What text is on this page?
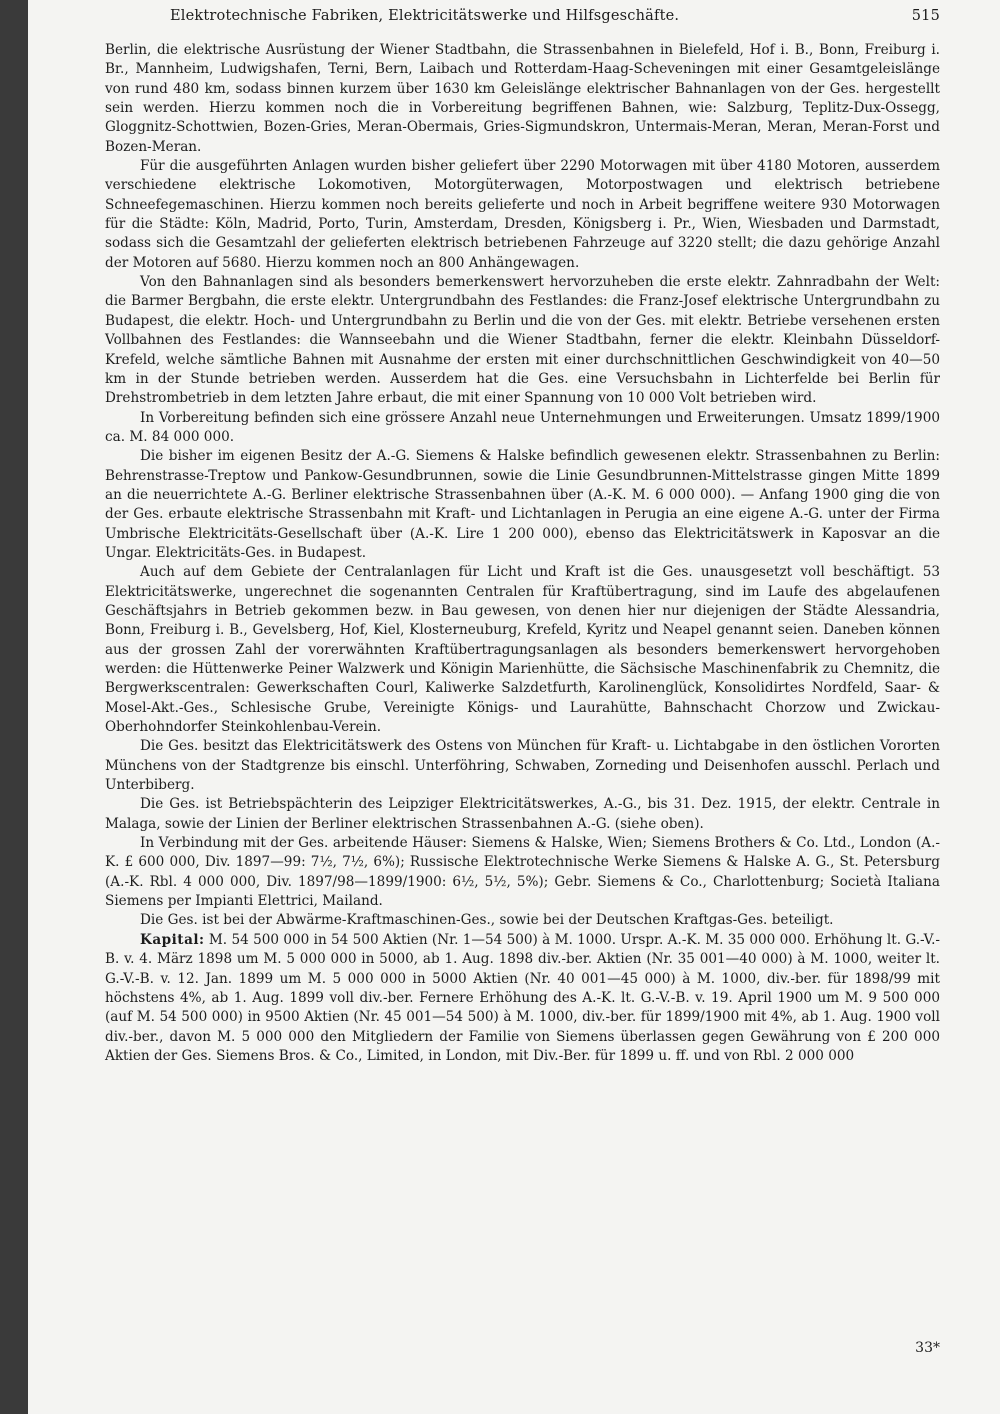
Elektrotechnische Fabriken, Elektricitätswerke und Hilfsgeschäfte.	515

Berlin, die elektrische Ausrüstung der Wiener Stadtbahn, die Strassenbahnen in Bielefeld, Hof i. B., Bonn, Freiburg i. Br., Mannheim, Ludwigshafen, Terni, Bern, Laibach und Rotterdam-Haag-Scheveningen mit einer Gesamtgeleislänge von rund 480 km, sodass binnen kurzem über 1630 km Geleislänge elektrischer Bahnanlagen von der Ges. hergestellt sein werden. Hierzu kommen noch die in Vorbereitung begriffenen Bahnen, wie: Salzburg, Teplitz-Dux-Ossegg, Gloggnitz-Schottwien, Bozen-Gries, Meran-Obermais, Gries-Sigmundskron, Untermais-Meran, Meran, Meran-Forst und Bozen-Meran.

Für die ausgeführten Anlagen wurden bisher geliefert über 2290 Motorwagen mit über 4180 Motoren, ausserdem verschiedene elektrische Lokomotiven, Motorgüterwagen, Motorpostwagen und elektrisch betriebene Schneefegemaschinen. Hierzu kommen noch bereits gelieferte und noch in Arbeit begriffene weitere 930 Motorwagen für die Städte: Köln, Madrid, Porto, Turin, Amsterdam, Dresden, Königsberg i. Pr., Wien, Wiesbaden und Darmstadt, sodass sich die Gesamtzahl der gelieferten elektrisch betriebenen Fahrzeuge auf 3220 stellt; die dazu gehörige Anzahl der Motoren auf 5680. Hierzu kommen noch an 800 Anhängewagen.

Von den Bahnanlagen sind als besonders bemerkenswert hervorzuheben die erste elektr. Zahnradbahn der Welt: die Barmer Bergbahn, die erste elektr. Untergrundbahn des Festlandes: die Franz-Josef elektrische Untergrundbahn zu Budapest, die elektr. Hoch- und Untergrundbahn zu Berlin und die von der Ges. mit elektr. Betriebe versehenen ersten Vollbahnen des Festlandes: die Wannseebahn und die Wiener Stadtbahn, ferner die elektr. Kleinbahn Düsseldorf-Krefeld, welche sämtliche Bahnen mit Ausnahme der ersten mit einer durchschnittlichen Geschwindigkeit von 40—50 km in der Stunde betrieben werden. Ausserdem hat die Ges. eine Versuchsbahn in Lichterfelde bei Berlin für Drehstrombetrieb in dem letzten Jahre erbaut, die mit einer Spannung von 10 000 Volt betrieben wird.

In Vorbereitung befinden sich eine grössere Anzahl neue Unternehmungen und Erweiterungen. Umsatz 1899/1900 ca. M. 84 000 000.

Die bisher im eigenen Besitz der A.-G. Siemens & Halske befindlich gewesenen elektr. Strassenbahnen zu Berlin: Behrenstrasse-Treptow und Pankow-Gesundbrunnen, sowie die Linie Gesundbrunnen-Mittelstrasse gingen Mitte 1899 an die neuerrichtete A.-G. Berliner elektrische Strassenbahnen über (A.-K. M. 6 000 000). — Anfang 1900 ging die von der Ges. erbaute elektrische Strassenbahn mit Kraft- und Lichtanlagen in Perugia an eine eigene A.-G. unter der Firma Umbrische Elektricitäts-Gesellschaft über (A.-K. Lire 1 200 000), ebenso das Elektricitätswerk in Kaposvar an die Ungar. Elektricitäts-Ges. in Budapest.

Auch auf dem Gebiete der Centralanlagen für Licht und Kraft ist die Ges. unausgesetzt voll beschäftigt. 53 Elektricitätswerke, ungerechnet die sogenannten Centralen für Kraftübertragung, sind im Laufe des abgelaufenen Geschäftsjahrs in Betrieb gekommen bezw. in Bau gewesen, von denen hier nur diejenigen der Städte Alessandria, Bonn, Freiburg i. B., Gevelsberg, Hof, Kiel, Klosterneuburg, Krefeld, Kyritz und Neapel genannt seien. Daneben können aus der grossen Zahl der vorerwähnten Kraftübertragungsanlagen als besonders bemerkenswert hervorgehoben werden: die Hüttenwerke Peiner Walzwerk und Königin Marienhütte, die Sächsische Maschinenfabrik zu Chemnitz, die Bergwerkscentralen: Gewerkschaften Courl, Kaliwerke Salzdetfurth, Karolinenglück, Konsolidirtes Nordfeld, Saar- & Mosel-Akt.-Ges., Schlesische Grube, Vereinigte Königs- und Laurahütte, Bahnschacht Chorzow und Zwickau-Oberhohndorfer Steinkohlenbau-Verein.

Die Ges. besitzt das Elektricitätswerk des Ostens von München für Kraft- u. Lichtabgabe in den östlichen Vororten Münchens von der Stadtgrenze bis einschl. Unterföhring, Schwaben, Zorneding und Deisenhofen ausschl. Perlach und Unterbiberg.

Die Ges. ist Betriebspächterin des Leipziger Elektricitätswerkes, A.-G., bis 31. Dez. 1915, der elektr. Centrale in Malaga, sowie der Linien der Berliner elektrischen Strassenbahnen A.-G. (siehe oben).

In Verbindung mit der Ges. arbeitende Häuser: Siemens & Halske, Wien; Siemens Brothers & Co. Ltd., London (A.-K. £ 600 000, Div. 1897—99: 7½, 7½, 6%); Russische Elektrotechnische Werke Siemens & Halske A. G., St. Petersburg (A.-K. Rbl. 4 000 000, Div. 1897/98—1899/1900: 6½, 5½, 5%); Gebr. Siemens & Co., Charlottenburg; Società Italiana Siemens per Impianti Elettrici, Mailand.

Die Ges. ist bei der Abwärme-Kraftmaschinen-Ges., sowie bei der Deutschen Kraftgas-Ges. beteiligt.

Kapital: M. 54 500 000 in 54 500 Aktien (Nr. 1—54 500) à M. 1000. Urspr. A.-K. M. 35 000 000. Erhöhung lt. G.-V.-B. v. 4. März 1898 um M. 5 000 000 in 5000, ab 1. Aug. 1898 div.-ber. Aktien (Nr. 35 001—40 000) à M. 1000, weiter lt. G.-V.-B. v. 12. Jan. 1899 um M. 5 000 000 in 5000 Aktien (Nr. 40 001—45 000) à M. 1000, div.-ber. für 1898/99 mit höchstens 4%, ab 1. Aug. 1899 voll div.-ber. Fernere Erhöhung des A.-K. lt. G.-V.-B. v. 19. April 1900 um M. 9 500 000 (auf M. 54 500 000) in 9500 Aktien (Nr. 45 001—54 500) à M. 1000, div.-ber. für 1899/1900 mit 4%, ab 1. Aug. 1900 voll div.-ber., davon M. 5 000 000 den Mitgliedern der Familie von Siemens überlassen gegen Gewährung von £ 200 000 Aktien der Ges. Siemens Bros. & Co., Limited, in London, mit Div.-Ber. für 1899 u. ff. und von Rbl. 2 000 000

33*
